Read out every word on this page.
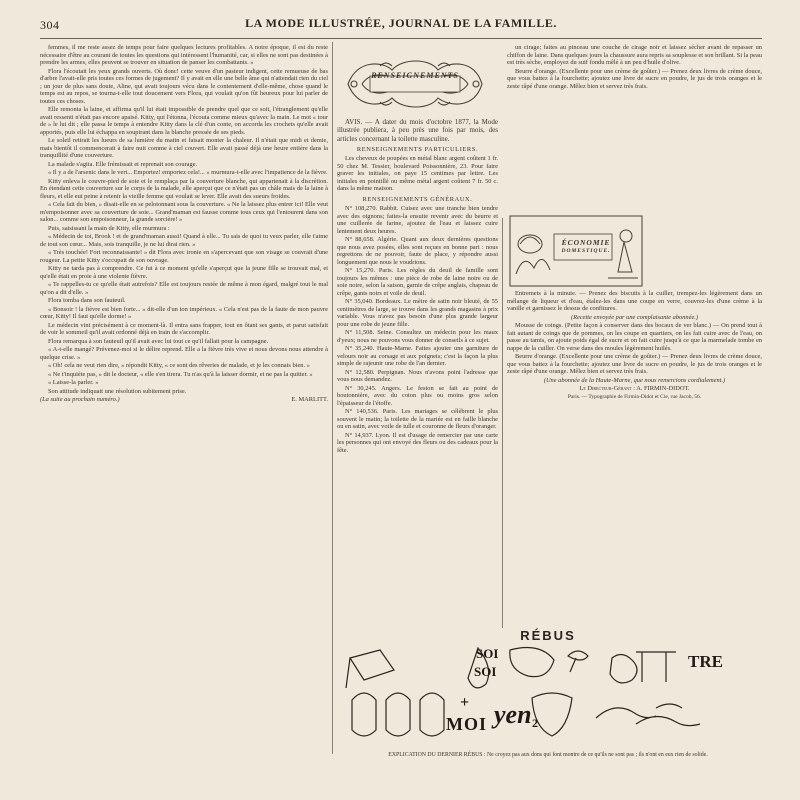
304	LA MODE ILLUSTRÉE, JOURNAL DE LA FAMILLE.

femmes, il me reste assez de temps pour faire quelques lectures profitables. A notre époque, il est du reste nécessaire d'être au courant de toutes les questions qui intéressent l'humanité, car, si elles ne sont pas destinées à prendre les armes, elles peuvent se trouver en situation de panser les combattants. »

Flora l'écoutait les yeux grands ouverts. Où donc! cette veuve d'un pasteur indigent, cette remueuse de bas d'arbre l'avait-elle pris toutes ces formes de jugement? Il y avait en elle une belle âme qui n'attendait rien du ciel ; un jour de plus sans doute, Aline, qui avait toujours vécu dans le contentement d'elle-même, chose quand le temps est au repos, se tourna-t-elle tout doucement vers Flora, qui voulait qu'on fût heureux pour lui parler de toutes ces choses.

Elle remonta la laine, et affirma qu'il lui était impossible de prendre quel que ce soit, l'étranglement qu'elle avait ressenti n'était pas encore apaisé. Kitty, qui l'étonna, l'écouta comme mieux qu'avec la main. Le mot « tour de » le lui dit ; elle passa le temps à entendre Kitty dans la clé d'un conte, on accorda les crochets qu'elle avait apportés, puis elle lui échappa en soupirant dans la blanche pressée de ses pieds.

Le soleil retirait les lueurs de sa lumière du matin et faisait monter la chaleur. Il n'était que midi et demie, mais bientôt il commencerait à faire nuit comme à ciel couvert. Elle avait passé déjà une heure entière dans la tranquillité d'une couverture.

La malade s'agita. Elle frémissait et reprenait son courage.

« Il y a de l'arsenic dans le vert... Emportez! emportez cela!... » murmura-t-elle avec l'impatience de la fièvre.

Kitty enleva le couvre-pied de soie et le remplaça par la couverture blanche, qui appartenait à la discrétion. En étendant cette couverture sur le corps de la malade, elle aperçut que ce n'était pas un châle mais de la laine à fleurs, et elle eut peine à retenir la vieille femme qui voulait se lever. Elle avait des sueurs froides.

« Cela fait du bien, » disait-elle en se pelotonnant sous la couverture. « Ne la laissez plus entrer ici! Elle veut m'empoisonner avec sa couverture de soie... Grand'maman est fausse comme tous ceux qui l'entourent dans son salon... comme son empoisonneur, la grande sorcière! »

Puis, saisissant la main de Kitty, elle murmura :

« Médecin de toi, Brook ! et de grand'maman aussi! Quand à elle... Tu sais de quoi tu veux parler, elle t'aime de tout son cœur... Mais, sois tranquille, je ne lui dirai rien. »

« Très touchée! Fort reconnaissante! » dit Flora avec ironie en s'apercevant que son visage se couvrait d'une rougeur. La petite Kitty s'occupait de son ouvrage.

Kitty ne tarda pas à comprendre. Ce fut à ce moment qu'elle s'aperçut que la jeune fille se trouvait mal, et qu'elle était en proie à une violente fièvre.

« Te rappelles-tu ce qu'elle était autrefois? Elle est toujours restée de même à mon égard, malgré tout le mal qu'on a dit d'elle. »

Flora tomba dans son fauteuil.

« Bonsoir ! la fièvre est bien forte... » dit-elle d'un ton impérieux. « Cela n'est pas de la faute de mon pauvre cœur, Kitty! Il faut qu'elle dorme! »

Le médecin vint précisément à ce moment-là. Il entra sans frapper, tout en ôtant ses gants, et parut satisfait de voir le sommeil qu'il avait ordonné déjà en train de s'accomplir.

Flora remarqua à son fauteuil qu'il avait avec lui tout ce qu'il fallait pour la campagne.

« A-t-elle mangé? Prévenez-moi si le délire reprend. Elle a la fièvre très vive et nous devons nous attendre à quelque crise. »

« Oh! cela ne veut rien dire, » répondit Kitty, « ce sont des rêveries de malade, et je les connais bien. »

« Ne t'inquiète pas, » dit le docteur, « elle s'en tirera. Tu n'as qu'à la laisser dormir, et ne pas la quitter. »

« Laisse-la parler. »

Son attitude indiquait une résolution subitement prise.

(La suite au prochain numéro.)	E. MARLITT.
RENSEIGNEMENTS

AVIS. — A dater du mois d'octobre 1877, la Mode illustrée publiera, à peu près une fois par mois, des articles concernant la toilette masculine.

RENSEIGNEMENTS PARTICULIERS.

Les cheveux de poupées en métal blanc argent coûtent 1 fr. 50 chez M. Tessier, boulevard Poissonnière, 23. Pour faire graver les initiales, on paye 15 centimes par lettre. Les initiales en pointillé ou même métal argent coûtent 7 fr. 50 c. dans la même maison.

RENSEIGNEMENTS GÉNÉRAUX.

N° 108,270. Rabbit. Cuisez avec une tranche bien tendre avec des oignons; faites-la ensuite revenir avec du beurre et une cuillerée de farine, ajoutez de l'eau et laissez cuire lentement deux heures.

N° 88,658. Algérie. Quant aux deux dernières questions que nous avez posées, elles sont reçues en bonne part : nous regrettons de ne pouvoir, faute de place, y répondre aussi longuement que nous le voudrions.

N° 15,270. Paris. Les règles du deuil de famille sont toujours les mêmes : une pièce de robe de laine noire ou de soie noire, selon la saison, garnie de crêpe anglais, chapeau de crêpe, gants noirs et voile de deuil.

N° 35,040. Bordeaux. Le mètre de satin noir bleuté, de 55 centimètres de large, se trouve dans les grands magasins à prix variable. Vous n'avez pas besoin d'une plus grande largeur pour une robe de jeune fille.

N° 11,508. Seine. Consultez un médecin pour les maux d'yeux; nous ne pouvons vous donner de conseils à ce sujet.

N° 35,240. Haute-Marne. Faites ajouter une garniture de velours noir au corsage et aux poignets; c'est la façon la plus simple de rajeunir une robe de l'an dernier.

N° 12,580. Perpignan. Nous n'avons point l'adresse que vous nous demandez.

N° 30,245. Angers. Le feston se fait au point de boutonnière, avec du coton plus ou moins gros selon l'épaisseur de l'étoffe.

N° 140,536. Paris. Les mariages se célèbrent le plus souvent le matin; la toilette de la mariée est en faille blanche ou en satin, avec voile de tulle et couronne de fleurs d'oranger.

N° 14,937. Lyon. Il est d'usage de remercier par une carte les personnes qui ont envoyé des fleurs ou des cadeaux pour la fête.

un cirage; faites au pinceau une couche de cirage noir et laissez sécher avant de repasser un chiffon de laine. Dans quelques jours la chaussure aura repris sa souplesse et son brillant. Si la peau est très sèche, employez du suif fondu mêlé à un peu d'huile d'olive.

Beurre d'orange. (Excellente pour une crème de goûter.) — Prenez deux livres de crème douce, que vous battez à la fourchette; ajoutez une livre de sucre en poudre, le jus de trois oranges et le zeste râpé d'une orange. Mêlez bien et servez très frais.

ÉCONOMIE
DOMESTIQUE.

Entremets à la minute. — Prenez des biscuits à la cuiller, trempez-les légèrement dans un mélange de liqueur et d'eau, étalez-les dans une coupe en verre, couvrez-les d'une crème à la vanille et garnissez le dessus de confitures.

(Recette envoyée par une complaisante abonnée.)

Mousse de coings. (Petite façon à conserver dans des bocaux de ver blanc.) — On prend tout à fait autant de coings que de pommes, on les coupe en quartiers, on les fait cuire avec de l'eau, on passe au tamis, on ajoute poids égal de sucre et on fait cuire jusqu'à ce que la marmelade tombe en nappe de la cuiller. On verse dans des moules légèrement huilés.

Beurre d'orange. (Excellente pour une crème de goûter.) — Prenez deux livres de crème douce, que vous battez à la fourchette; ajoutez une livre de sucre en poudre, le jus de trois oranges et le zeste râpé d'une orange. Mêlez bien et servez très frais.

(Une abonnée de la Haute-Marne, que nous remercions cordialement.)

Le Directeur-Gérant : A. FIRMIN-DIDOT.

Paris. — Typographie de Firmin-Didot et Cie, rue Jacob, 56.

RÉBUS
SOI
SOI
TRE
+
MOI yen 2
EXPLICATION DU DERNIER RÉBUS : Ne croyez pas aux dons qui font montre de ce qu'ils ne sont pas ; ils n'ont en eux rien de solide.
